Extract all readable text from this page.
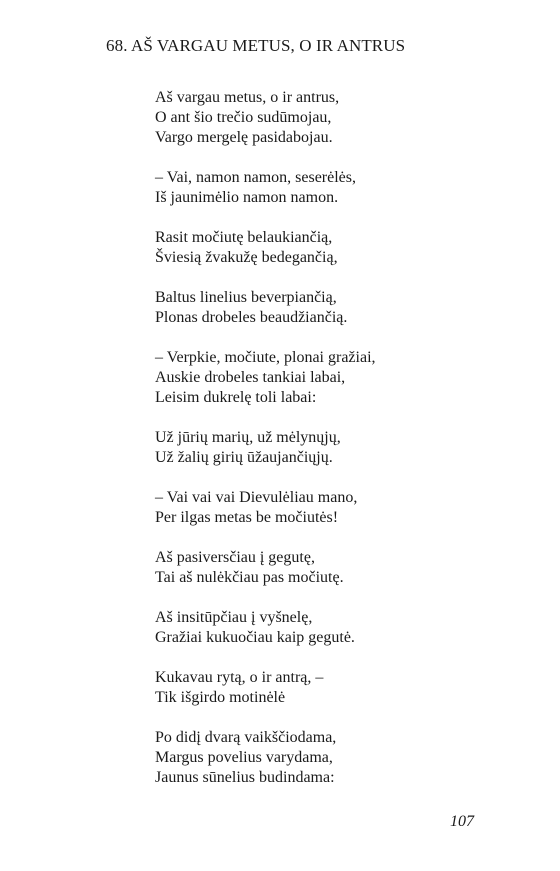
68. AŠ VARGAU METUS, O IR ANTRUS
Aš vargau metus, o ir antrus,
O ant šio trečio sudūmojau,
Vargo mergelę pasidabojau.
– Vai, namon namon, seserėlės,
Iš jaunimėlio namon namon.
Rasit močiutę belaukiančią,
Šviesią žvakužę bedegančią,
Baltus linelius beverpiančią,
Plonas drobeles beaudžiančią.
– Verpkie, močiute, plonai gražiai,
Auskie drobeles tankiai labai,
Leisim dukrelę toli labai:
Už jūrių marių, už mėlynųjų,
Už žalių girių ūžaujančiųjų.
– Vai vai vai Dievulėliau mano,
Per ilgas metas be močiutės!
Aš pasiversčiau į gegutę,
Tai aš nulėkčiau pas močiutę.
Aš insitūpčiau į vyšnelę,
Gražiai kukuočiau kaip gegutė.
Kukavau rytą, o ir antrą, –
Tik išgirdo motinėlė
Po didį dvarą vaikščiodama,
Margus povelius varydama,
Jaunus sūnelius budindama:
107
